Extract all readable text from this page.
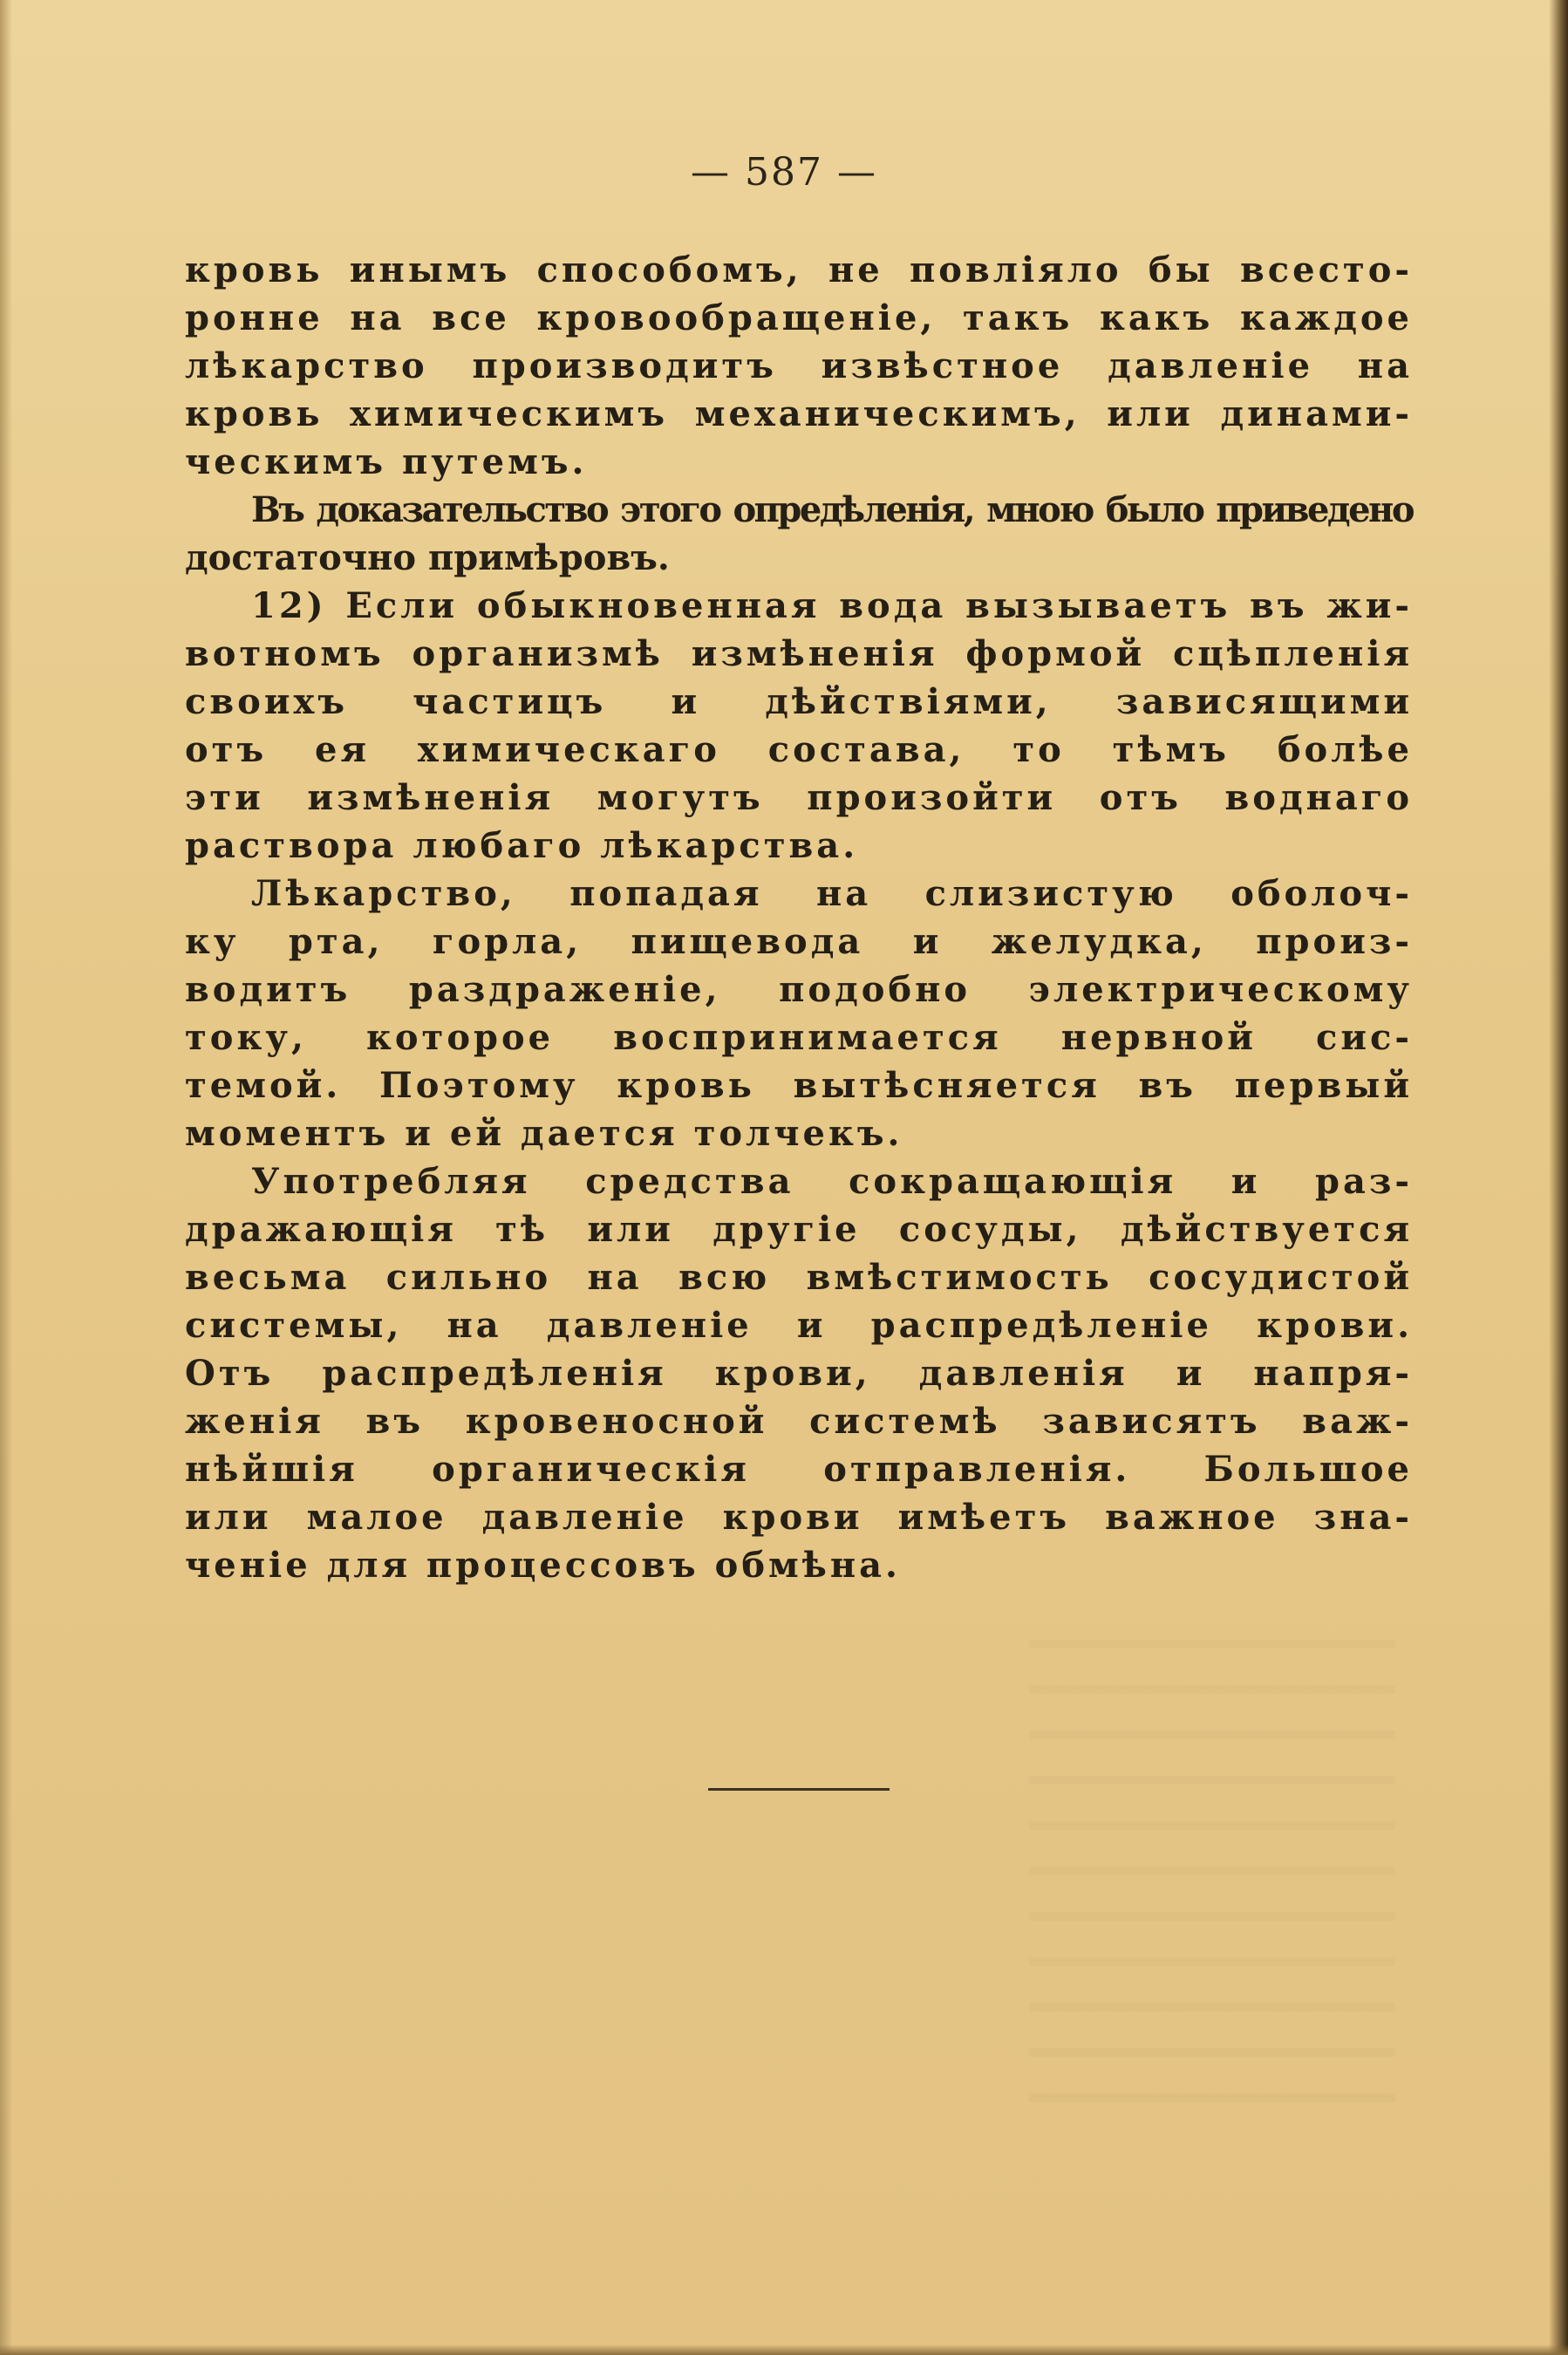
— 587 —
кровь инымъ способомъ, не повліяло бы всесто-
ронне на все кровообращеніе, такъ какъ каждое
лѣкарство производитъ извѣстное давленіе на
кровь химическимъ механическимъ, или динами-
ческимъ путемъ.
Въ доказательство этого опредѣленія, мною было приведено
достаточно примѣровъ.
12) Если обыкновенная вода вызываетъ въ жи-
вотномъ организмѣ измѣненія формой сцѣпленія
своихъ частицъ и дѣйствіями, зависящими
отъ ея химическаго состава, то тѣмъ болѣе
эти измѣненія могутъ произойти отъ воднаго
раствора любаго лѣкарства.
Лѣкарство, попадая на слизистую оболоч-
ку рта, горла, пищевода и желудка, произ-
водитъ раздраженіе, подобно электрическому
току, которое воспринимается нервной сис-
темой. Поэтому кровь вытѣсняется въ первый
моментъ и ей дается толчекъ.
Употребляя средства сокращающія и раз-
дражающія тѣ или другіе сосуды, дѣйствуется
весьма сильно на всю вмѣстимость сосудистой
системы, на давленіе и распредѣленіе крови.
Отъ распредѣленія крови, давленія и напря-
женія въ кровеносной системѣ зависятъ важ-
нѣйшія органическія отправленія. Большое
или малое давленіе крови имѣетъ важное зна-
ченіе для процессовъ обмѣна.
